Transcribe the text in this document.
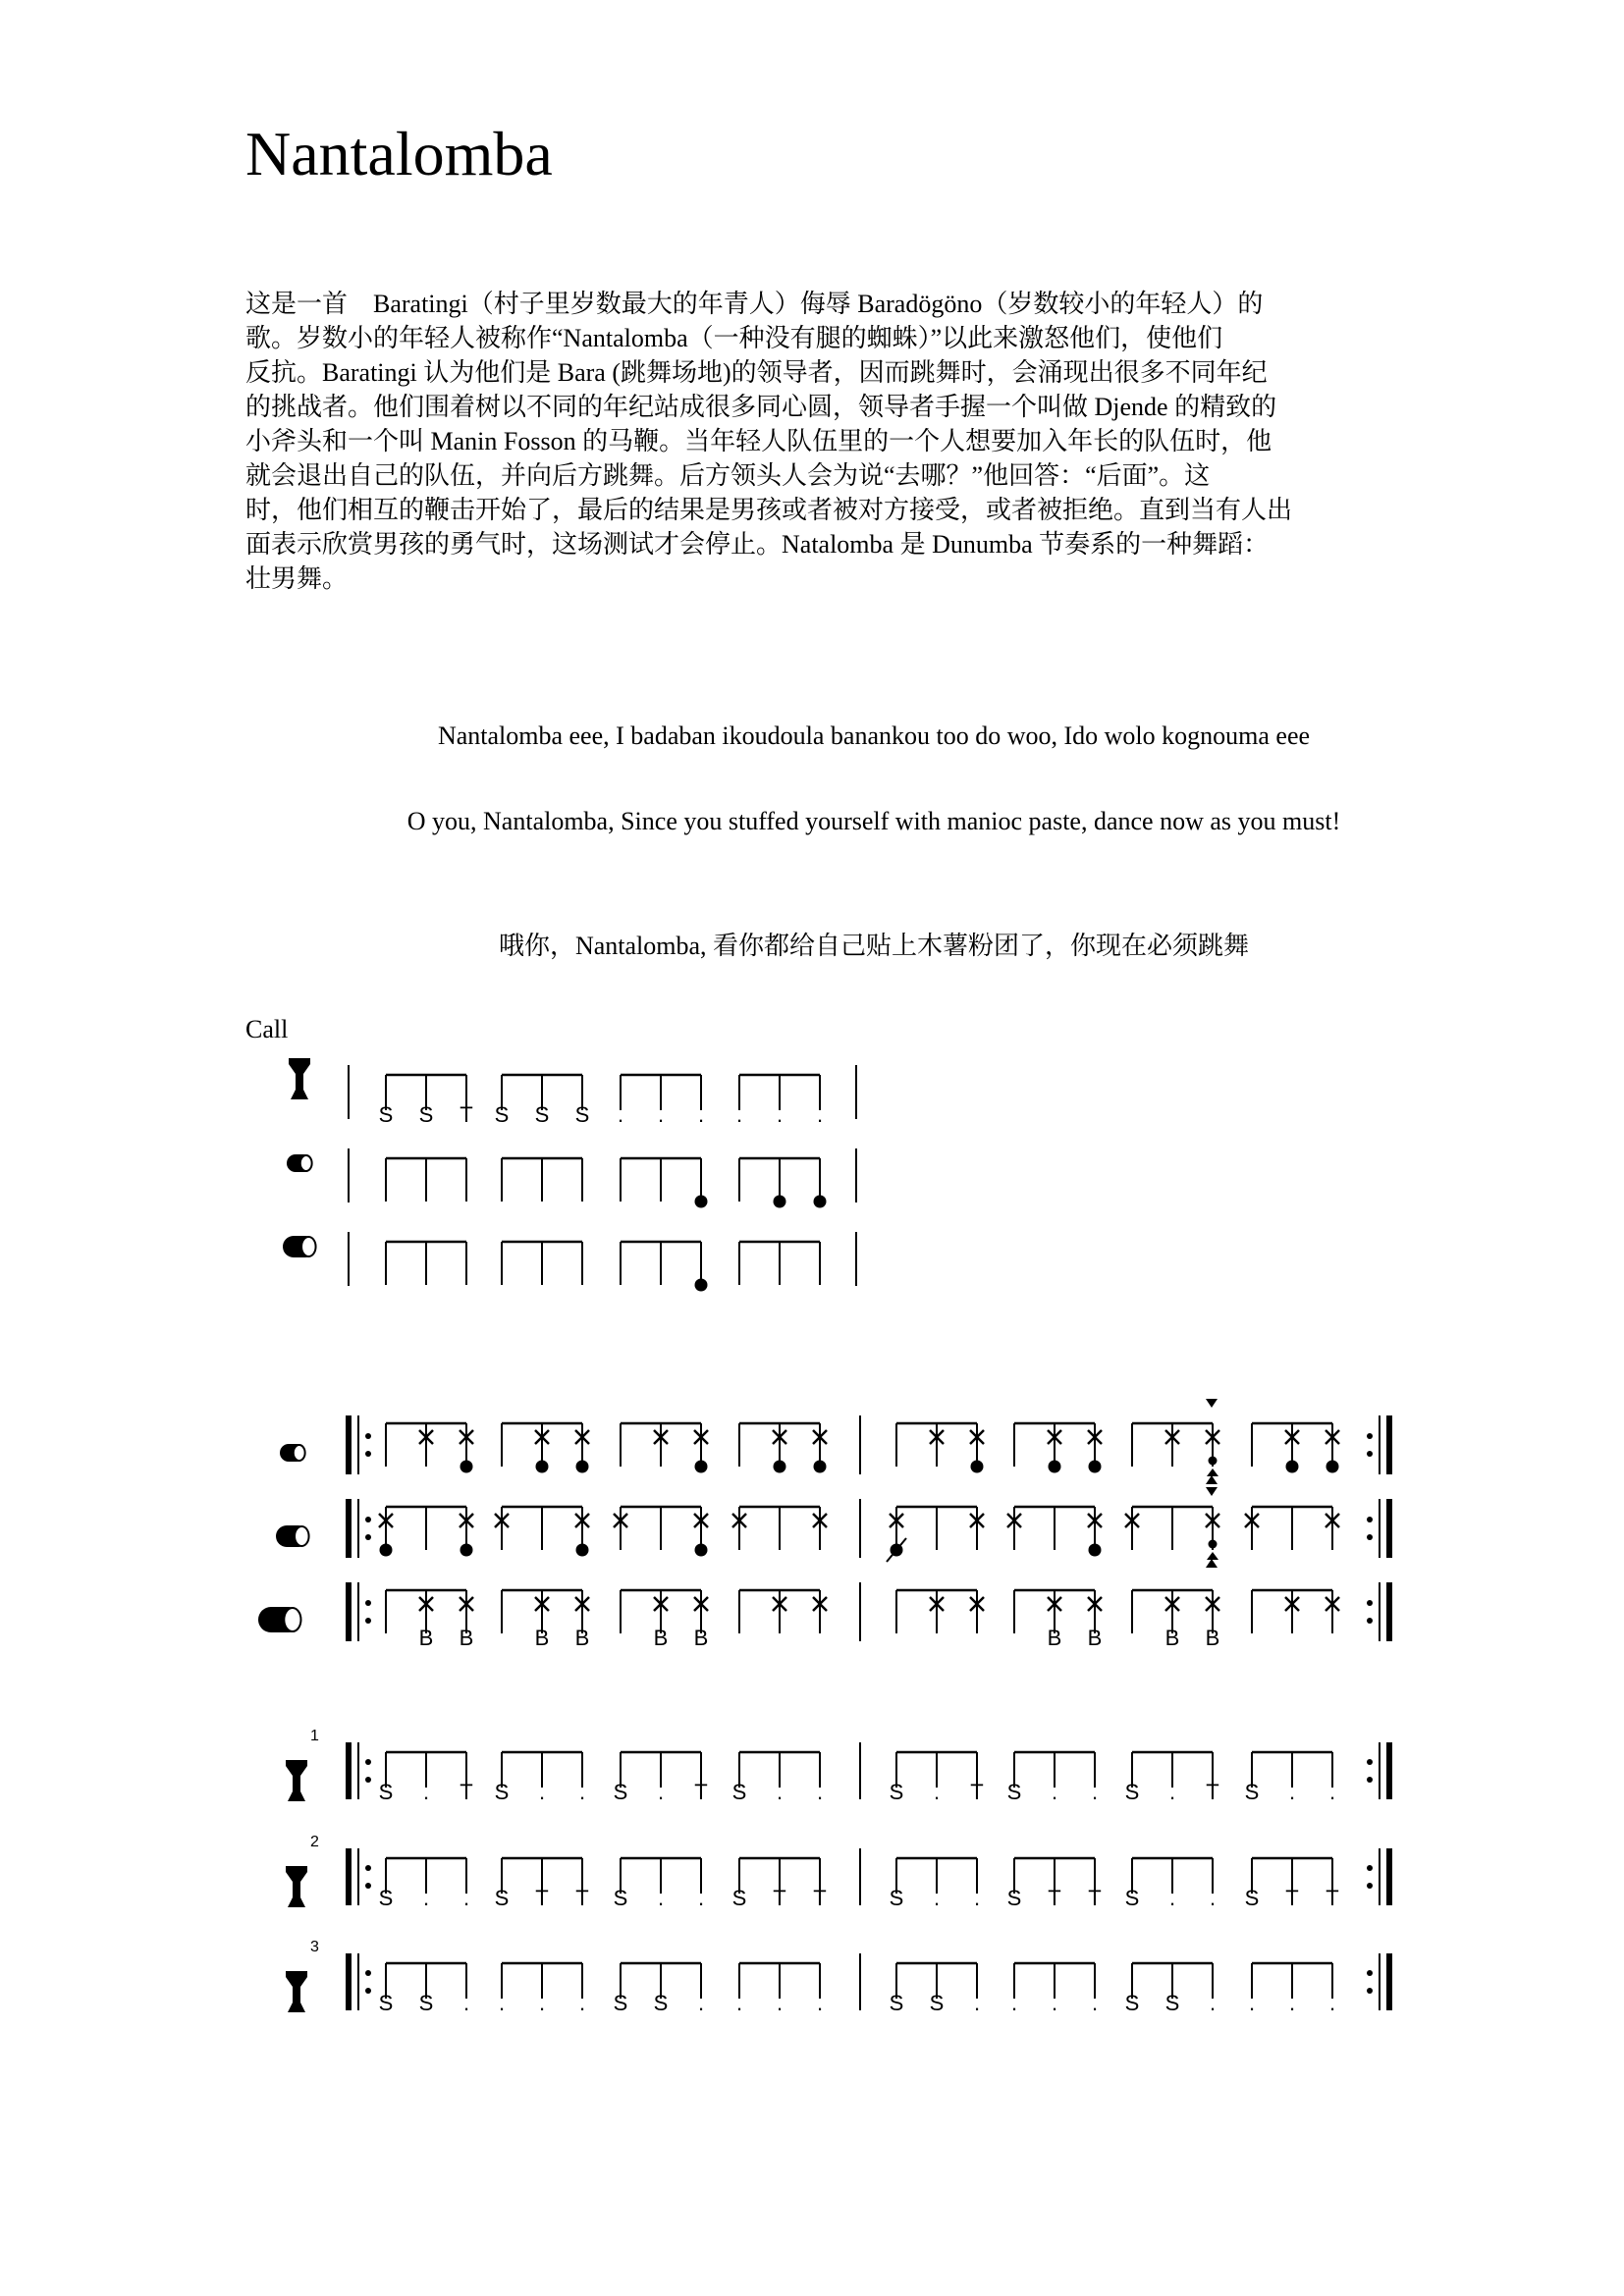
Nantalomba

这是一首　Baratingi（村子里岁数最大的年青人）侮辱 Baradögöno（岁数较小的年轻人）的

歌。岁数小的年轻人被称作“Nantalomba（一种没有腿的蜘蛛）”以此来激怒他们，使他们

反抗。Baratingi 认为他们是 Bara (跳舞场地)的领导者，因而跳舞时，会涌现出很多不同年纪

的挑战者。他们围着树以不同的年纪站成很多同心圆，领导者手握一个叫做 Djende 的精致的

小斧头和一个叫 Manin Fosson 的马鞭。当年轻人队伍里的一个人想要加入年长的队伍时，他

就会退出自己的队伍，并向后方跳舞。后方领头人会为说“去哪？”他回答：“后面”。这

时，他们相互的鞭击开始了，最后的结果是男孩或者被对方接受，或者被拒绝。直到当有人出

面表示欣赏男孩的勇气时，这场测试才会停止。Natalomba 是 Dunumba 节奏系的一种舞蹈：

壮男舞。

Nantalomba eee, I badaban ikoudoula banankou too do woo, Ido wolo kognouma eee

O you, Nantalomba, Since you stuffed yourself with manioc paste, dance now as you must!

哦你，Nantalomba, 看你都给自己贴上木薯粉团了，你现在必须跳舞

Call
S S T S S S . . . . . .
B B	B B	B B	B B	B B
1
S . T S . . S . T S . .	S . T S . . S . T S . .
2
S . . S T T S . . S T T	S . . S T T S . . S T T
3
S S . . . . S S . . . .	S S . . . . S S . . . .
